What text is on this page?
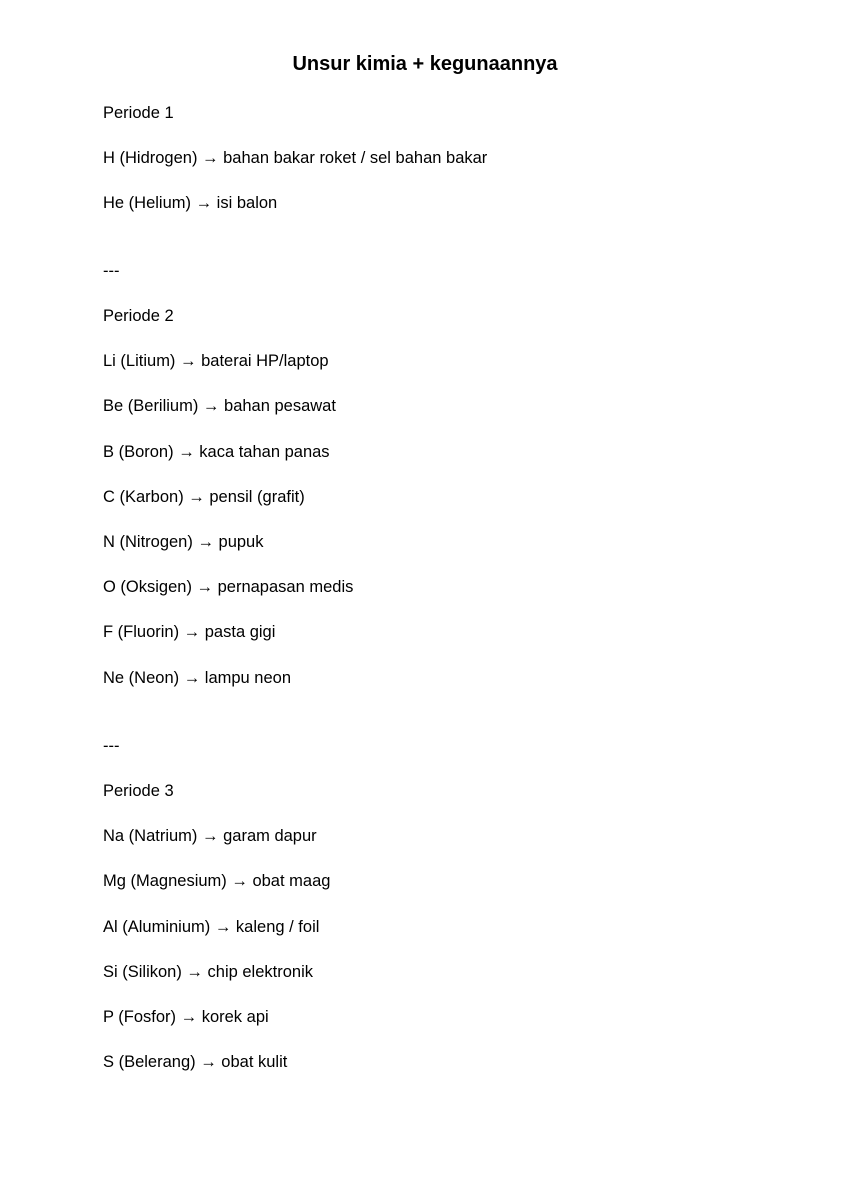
Unsur kimia + kegunaannya

Periode 1

H (Hidrogen) → bahan bakar roket / sel bahan bakar

He (Helium) → isi balon

---

Periode 2

Li (Litium) → baterai HP/laptop

Be (Berilium) → bahan pesawat

B (Boron) → kaca tahan panas

C (Karbon) → pensil (grafit)

N (Nitrogen) → pupuk

O (Oksigen) → pernapasan medis

F (Fluorin) → pasta gigi

Ne (Neon) → lampu neon

---

Periode 3

Na (Natrium) → garam dapur

Mg (Magnesium) → obat maag

Al (Aluminium) → kaleng / foil

Si (Silikon) → chip elektronik

P (Fosfor) → korek api

S (Belerang) → obat kulit
